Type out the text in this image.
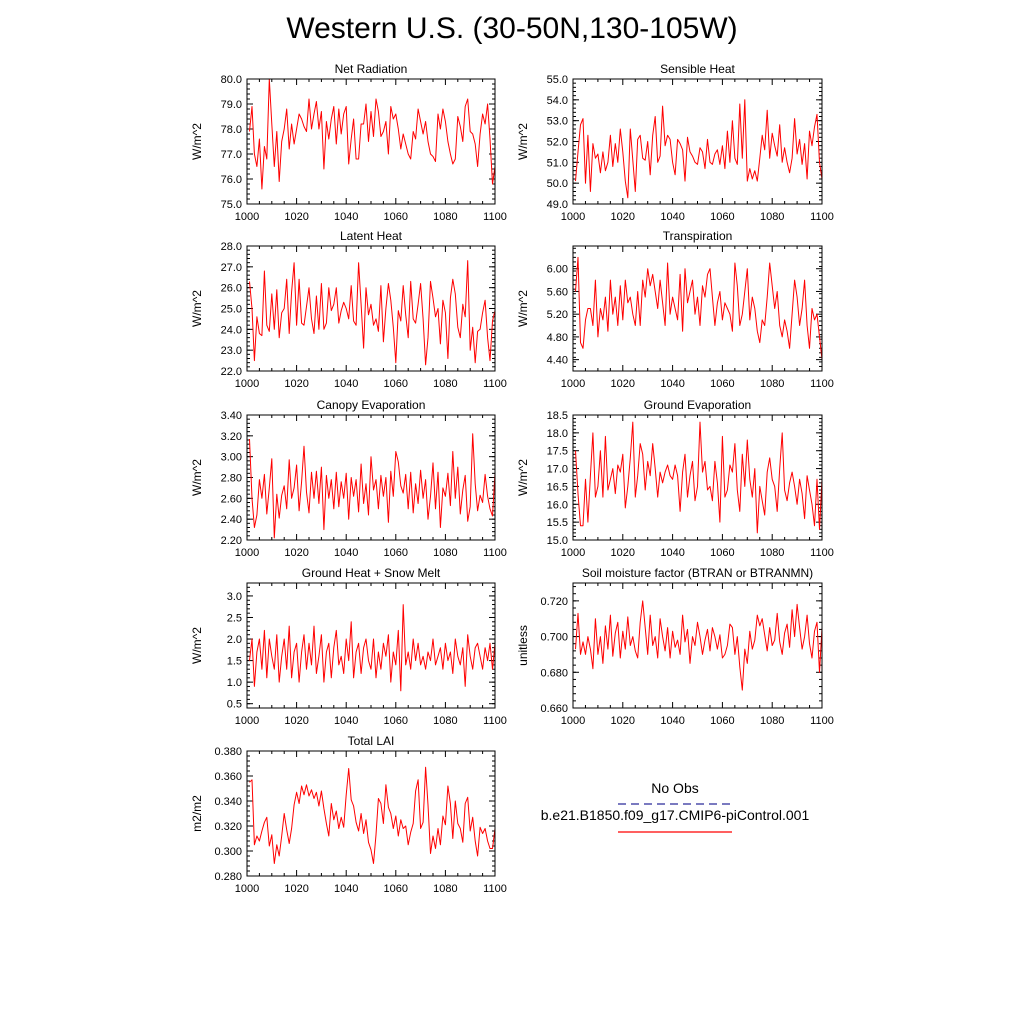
Western U.S. (30-50N,130-105W)
Net Radiation
W/m^2
1000 1020 1040 1060 1080 1100
75.0
76.0
77.0
78.0
79.0
80.0
Sensible Heat
W/m^2
1000 1020 1040 1060 1080 1100
49.0
50.0
51.0
52.0
53.0
54.0
55.0
Latent Heat
W/m^2
1000 1020 1040 1060 1080 1100
22.0
23.0
24.0
25.0
26.0
27.0
28.0
Transpiration
W/m^2
1000 1020 1040 1060 1080 1100
4.40
4.80
5.20
5.60
6.00
Canopy Evaporation
W/m^2
1000 1020 1040 1060 1080 1100
2.20
2.40
2.60
2.80
3.00
3.20
3.40
Ground Evaporation
W/m^2
1000 1020 1040 1060 1080 1100
15.0
15.5
16.0
16.5
17.0
17.5
18.0
18.5
Ground Heat + Snow Melt
W/m^2
1000 1020 1040 1060 1080 1100
0.5
1.0
1.5
2.0
2.5
3.0
Soil moisture factor (BTRAN or BTRANMN)
unitless
1000 1020 1040 1060 1080 1100
0.660
0.680
0.700
0.720
Total LAI
m2/m2
1000 1020 1040 1060 1080 1100
0.280
0.300
0.320
0.340
0.360
0.380
No Obs
b.e21.B1850.f09_g17.CMIP6-piControl.001
